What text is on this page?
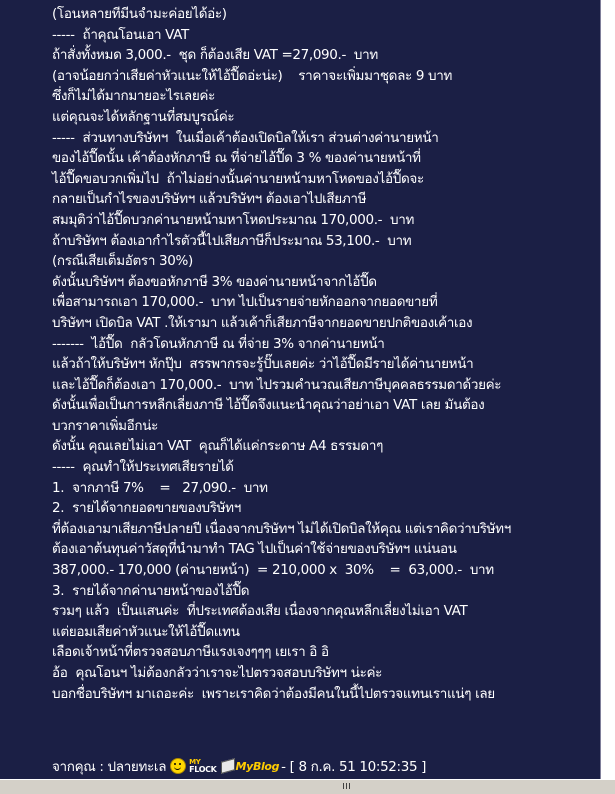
(โอนหลายทีมีนจำมะค่อยได้อ่ะ)
-----  ถ้าคุณโอนเอา VAT
ถ้าสั่งทั้งหมด 3,000.-  ชุด ก็ต้องเสีย VAT =27,090.-  บาท
(อาจน้อยกว่าเสียค่าหัวแนะให้ไอ้ปื๊ดอ่ะน่ะ)    ราคาจะเพิ่มมาชุดละ 9 บาท
ซึ่งก็ไม่ได้มากมายอะไรเลยค่ะ
แต่คุณจะได้หลักฐานที่สมบูรณ์ค่ะ
-----  ส่วนทางบริษัทฯ  ในเมื่อเค้าต้องเปิดบิลให้เรา ส่วนต่างค่านายหน้า
ของไอ้ปื๊ดนั้น เค้าต้องหักภาษี ณ ที่จ่ายไอ้ปื๊ด 3 % ของค่านายหน้าที่
ไอ้ปื๊ดขอบวกเพิ่มไป  ถ้าไม่อย่างนั้นค่านายหน้ามหาโหดของไอ้ปื๊ดจะ
กลายเป็นกำไรของบริษัทฯ แล้วบริษัทฯ ต้องเอาไปเสียภาษี
สมมุติว่าไอ้ปื๊ดบวกค่านายหน้ามหาโหดประมาณ 170,000.-  บาท
ถ้าบริษัทฯ ต้องเอากำไรตัวนี้ไปเสียภาษีก็ประมาณ 53,100.-  บาท
(กรณีเสียเต็มอัตรา 30%)
ดังนั้นบริษัทฯ ต้องขอหักภาษี 3% ของค่านายหน้าจากไอ้ปื๊ด
เพื่อสามารถเอา 170,000.-  บาท ไปเป็นรายจ่ายหักออกจากยอดขายที่
บริษัทฯ เปิดบิล VAT .ให้เรามา แล้วเค้าก็เสียภาษีจากยอดขายปกติของเค้าเอง
-------  ไอ้ปื๊ด  กลัวโดนหักภาษี ณ ที่จ่าย 3% จากค่านายหน้า
แล้วถ้าให้บริษัทฯ หักปุ๊บ  สรรพากรจะรู้ปั๊บเลยค่ะ ว่าไอ้ปื๊ดมีรายได้ค่านายหน้า
และไอ้ปื๊ดก็ต้องเอา 170,000.-  บาท ไปรวมคำนวณเสียภาษีบุคคลธรรมดาด้วยค่ะ
ดังนั้นเพื่อเป็นการหลีกเลี่ยงภาษี ไอ้ปื๊ดจึงแนะนำคุณว่าอย่าเอา VAT เลย มันต้อง
บวกราคาเพิ่มอีกน่ะ
ดังนั้น คุณเลยไม่เอา VAT  คุณก็ได้แค่กระดาษ A4 ธรรมดาๆ
-----  คุณทำให้ประเทศเสียรายได้
1.  จากภาษี 7%    =   27,090.-  บาท
2.  รายได้จากยอดขายของบริษัทฯ
ที่ต้องเอามาเสียภาษีปลายปี เนื่องจากบริษัทฯ ไม่ได้เปิดบิลให้คุณ แต่เราคิดว่าบริษัทฯ
ต้องเอาต้นทุนค่าวัสดุที่นำมาทำ TAG ไปเป็นค่าใช้จ่ายของบริษัทฯ แน่นอน
387,000.- 170,000 (ค่านายหน้า)  = 210,000 x  30%    =  63,000.-  บาท
3.  รายได้จากค่านายหน้าของไอ้ปื๊ด
รวมๆ แล้ว  เป็นแสนค่ะ  ที่ประเทศต้องเสีย เนื่องจากคุณหลีกเลี่ยงไม่เอา VAT
แต่ยอมเสียค่าหัวแนะให้ไอ้ปื๊ดแทน
เลือดเจ้าหน้าที่ตรวจสอบภาษีแรงเจงๆๆๆ เยเรา อิ อิ
อ้อ  คุณโอนฯ ไม่ต้องกลัวว่าเราจะไปตรวจสอบบริษัทฯ น่ะค่ะ
บอกชื่อบริษัทฯ มาเถอะค่ะ  เพราะเราคิดว่าต้องมีคนในนี้ไปตรวจแทนเราแน่ๆ เลย
จากคุณ : ปลายทะเล	MY
FLOCK MyBlog - [ 8 ก.ค. 51 10:52:35 ]
